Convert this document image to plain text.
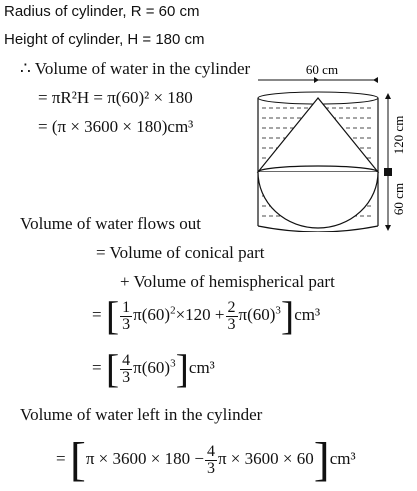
Radius of cylinder, R = 60 cm
Height of cylinder, H = 180 cm
∴ Volume of water in the cylinder
= πR²H = π(60)² × 180
= (π × 3600 × 180)cm³
60 cm
120 cm
60 cm
Volume of water flows out
= Volume of conical part
+ Volume of hemispherical part
= [ $\frac{1}{3} \pi(60)^2\times 120 + \frac{2}{3} \pi(60)^3]cm^3$
= [ $\frac{4}{3} \pi(60)^3]cm^3$
Volume of water left in the cylinder
= [$\pi \times 3600 \times 180 - \frac{4}{3}$ π × 3600 × 60]cm³
